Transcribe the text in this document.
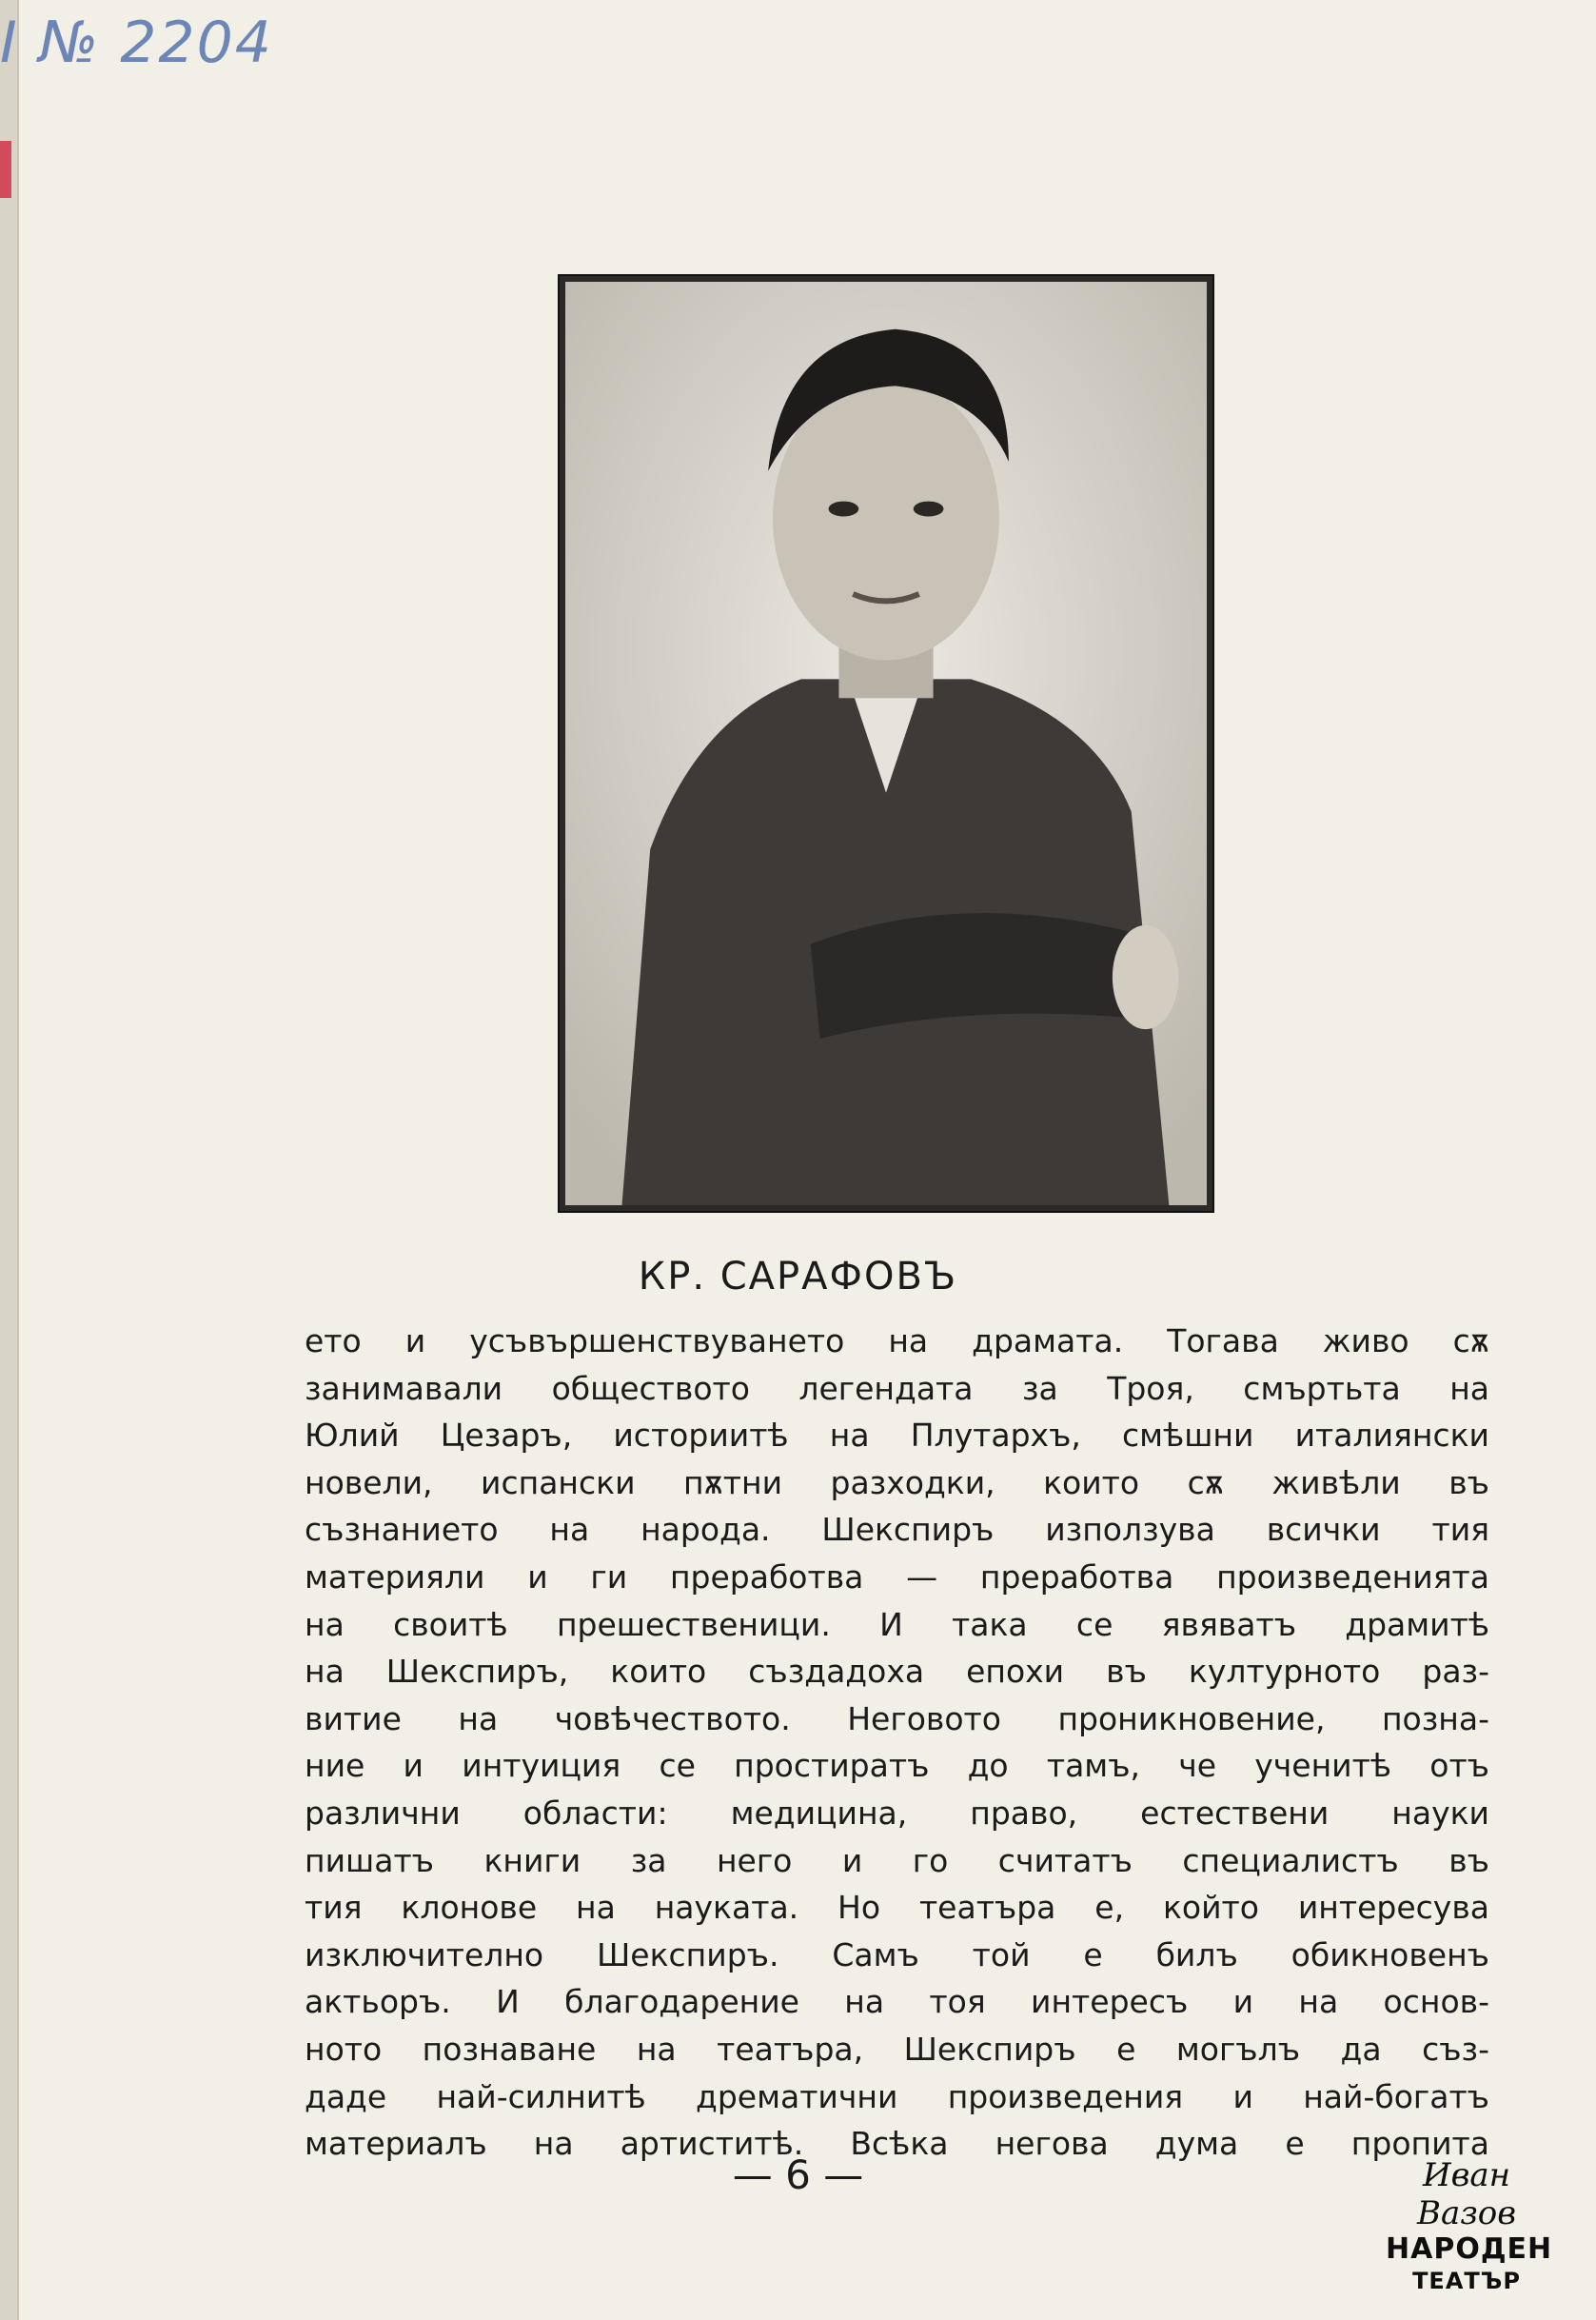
Ι № 2204
КР. САРАФОВЪ
ето и усъвършенствуването на драмата. Тогава живо сѫ
занимавали обществото легендата за Троя, смъртьта на
Юлий Цезаръ, историитѣ на Плутархъ, смѣшни италиянски
новели, испански пѫтни разходки, които сѫ живѣли въ
съзнанието на народа. Шекспиръ използува всички тия
материяли и ги преработва — преработва произведенията
на своитѣ прешественици. И така се явяватъ драмитѣ
на Шекспиръ, които създадоха епохи въ културното раз-
витие на човѣчеството. Неговото проникновение, позна-
ние и интуиция се простиратъ до тамъ, че ученитѣ отъ
различни области: медицина, право, естествени науки
пишатъ книги за него и го считатъ специалистъ въ
тия клонове на науката. Но театъра е, който интересува
изключително Шекспиръ. Самъ той е билъ обикновенъ
актьоръ. И благодарение на тоя интересъ и на основ-
ното познаване на театъра, Шекспиръ е могълъ да съз-
даде най-силнитѣ дрематични произведения и най-богатъ
материалъ на артиститѣ. Всѣка негова дума е пропита
— 6 —	Иван Вазов
НАРОДЕН
ТЕАТЪР
